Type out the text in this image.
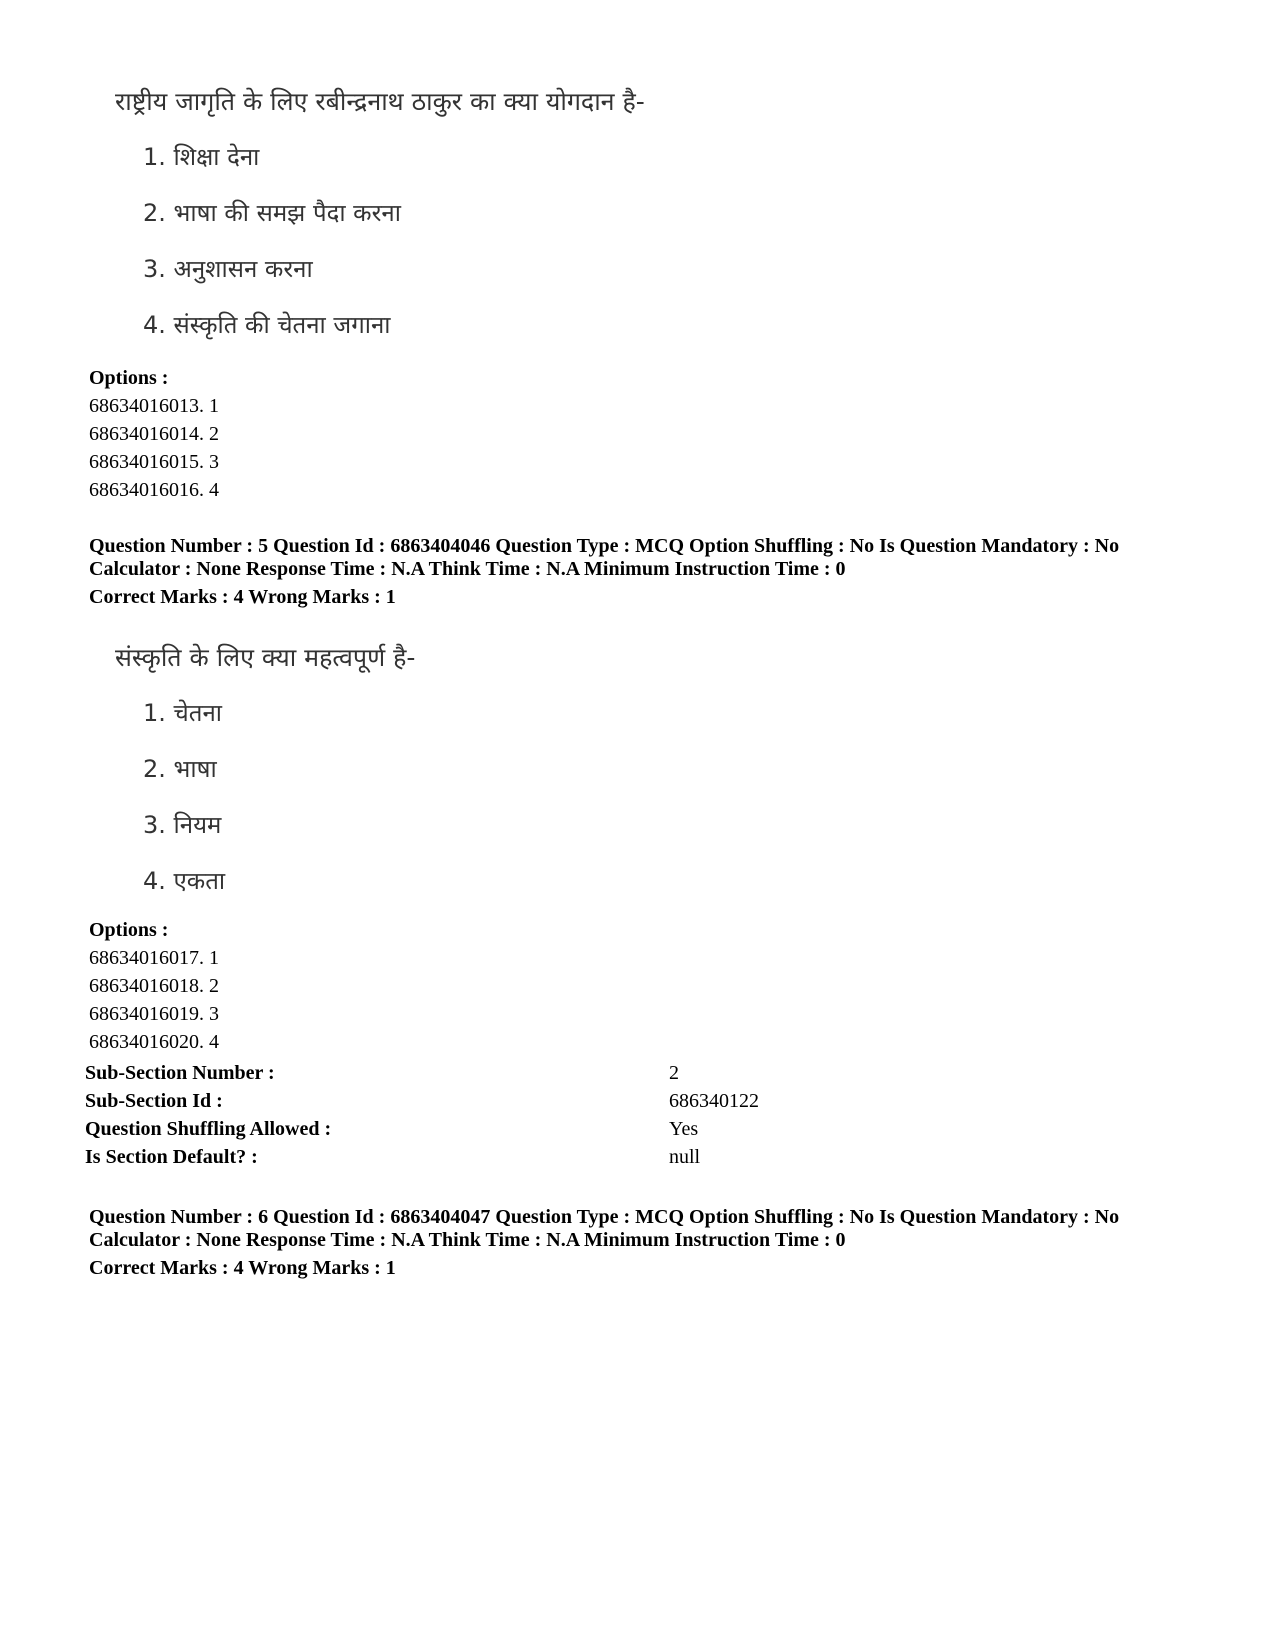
राष्ट्रीय जागृति के लिए रबीन्द्रनाथ ठाकुर का क्या योगदान है-
1. शिक्षा देना
2. भाषा की समझ पैदा करना
3. अनुशासन करना
4. संस्कृति की चेतना जगाना
Options :
68634016013. 1
68634016014. 2
68634016015. 3
68634016016. 4
Question Number : 5 Question Id : 6863404046 Question Type : MCQ Option Shuffling : No Is Question Mandatory : No
Calculator : None Response Time : N.A Think Time : N.A Minimum Instruction Time : 0
Correct Marks : 4 Wrong Marks : 1
संस्कृति के लिए क्या महत्वपूर्ण है-
1. चेतना
2. भाषा
3. नियम
4. एकता
Options :
68634016017. 1
68634016018. 2
68634016019. 3
68634016020. 4
Sub-Section Number :	2
Sub-Section Id :	686340122
Question Shuffling Allowed :	Yes
Is Section Default? :	null
Question Number : 6 Question Id : 6863404047 Question Type : MCQ Option Shuffling : No Is Question Mandatory : No
Calculator : None Response Time : N.A Think Time : N.A Minimum Instruction Time : 0
Correct Marks : 4 Wrong Marks : 1
